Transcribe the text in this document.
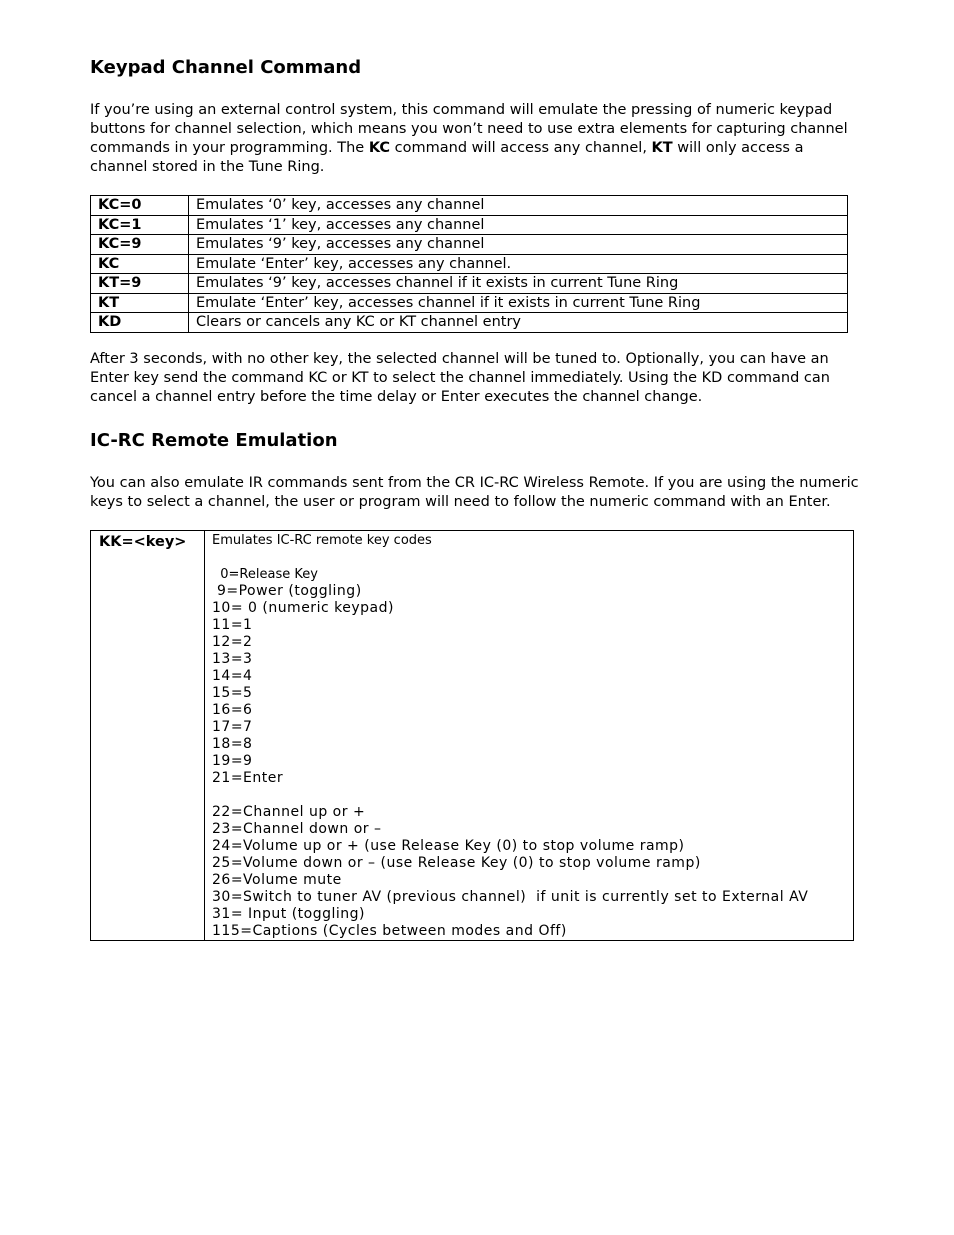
Keypad Channel Command

If you’re using an external control system, this command will emulate the pressing of numeric keypad buttons for channel selection, which means you won’t need to use extra elements for capturing channel commands in your programming. The KC command will access any channel, KT will only access a channel stored in the Tune Ring.

KC=0	Emulates ‘0’ key, accesses any channel
KC=1	Emulates ‘1’ key, accesses any channel
KC=9	Emulates ‘9’ key, accesses any channel
KC	Emulate ‘Enter’ key, accesses any channel.
KT=9	Emulates ‘9’ key, accesses channel if it exists in current Tune Ring
KT	Emulate ‘Enter’ key, accesses channel if it exists in current Tune Ring
KD	Clears or cancels any KC or KT channel entry

After 3 seconds, with no other key, the selected channel will be tuned to. Optionally, you can have an Enter key send the command KC or KT to select the channel immediately. Using the KD command can cancel a channel entry before the time delay or Enter executes the channel change.

IC-RC Remote Emulation

You can also emulate IR commands sent from the CR IC-RC Wireless Remote. If you are using the numeric keys to select a channel, the user or program will need to follow the numeric command with an Enter.

KK=<key>	Emulates IC-RC remote key codes
0=Release Key
9=Power (toggling)
10= 0 (numeric keypad)
11=1
12=2
13=3
14=4
15=5
16=6
17=7
18=8
19=9
21=Enter
22=Channel up or +
23=Channel down or –
24=Volume up or + (use Release Key (0) to stop volume ramp)
25=Volume down or – (use Release Key (0) to stop volume ramp)
26=Volume mute
30=Switch to tuner AV (previous channel)  if unit is currently set to External AV
31= Input (toggling)
115=Captions (Cycles between modes and Off)
